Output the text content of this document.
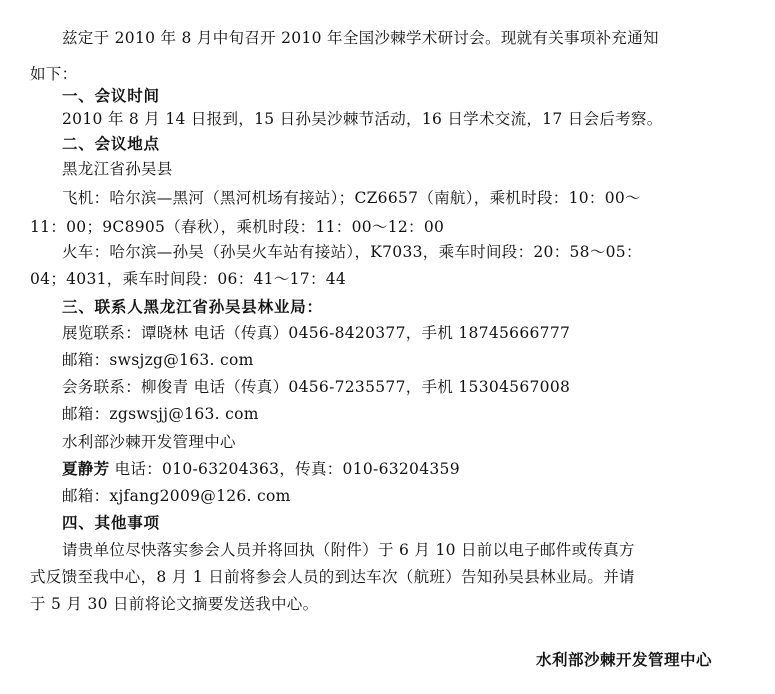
兹定于 2010 年 8 月中旬召开 2010 年全国沙棘学术研讨会。现就有关事项补充通知
如下：
一、会议时间
2010 年 8 月 14 日报到，15 日孙吴沙棘节活动，16 日学术交流，17 日会后考察。
二、会议地点
黑龙江省孙吴县
飞机：哈尔滨—黑河（黑河机场有接站）；CZ6657（南航），乘机时段：10：00～
11：00；9C8905（春秋），乘机时段：11：00～12：00
火车：哈尔滨—孙吴（孙吴火车站有接站），K7033，乘车时间段：20：58～05：
04；4031，乘车时间段：06：41～17：44
三、联系人黑龙江省孙吴县林业局：
展览联系：谭晓林 电话（传真）0456-8420377，手机 18745666777
邮箱：swsjzg@163. com
会务联系：柳俊青 电话（传真）0456-7235577，手机 15304567008
邮箱：zgswsjj@163. com
水利部沙棘开发管理中心
夏静芳 电话：010-63204363，传真：010-63204359
邮箱：xjfang2009@126. com
四、其他事项
请贵单位尽快落实参会人员并将回执（附件）于 6 月 10 日前以电子邮件或传真方
式反馈至我中心，8 月 1 日前将参会人员的到达车次（航班）告知孙吴县林业局。并请
于 5 月 30 日前将论文摘要发送我中心。
水利部沙棘开发管理中心
